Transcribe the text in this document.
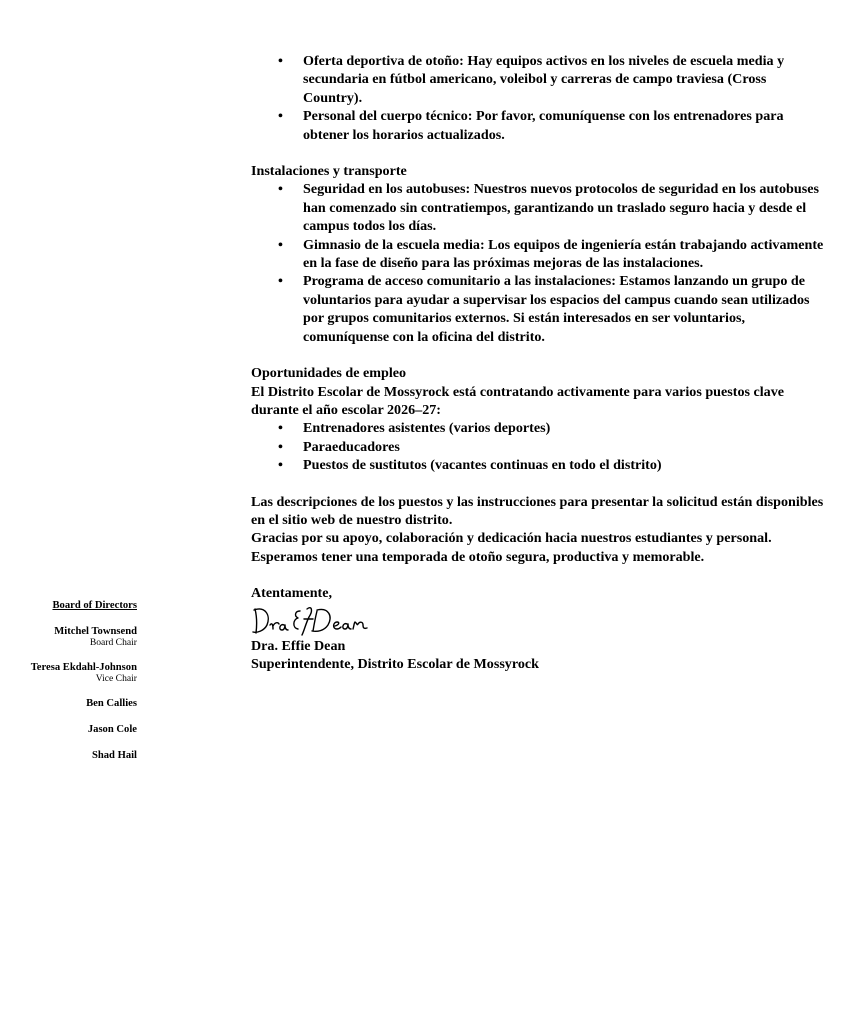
• Oferta deportiva de otoño: Hay equipos activos en los niveles de escuela media y secundaria en fútbol americano, voleibol y carreras de campo traviesa (Cross Country).
• Personal del cuerpo técnico: Por favor, comuníquense con los entrenadores para obtener los horarios actualizados.
Instalaciones y transporte
• Seguridad en los autobuses: Nuestros nuevos protocolos de seguridad en los autobuses han comenzado sin contratiempos, garantizando un traslado seguro hacia y desde el campus todos los días.
• Gimnasio de la escuela media: Los equipos de ingeniería están trabajando activamente en la fase de diseño para las próximas mejoras de las instalaciones.
• Programa de acceso comunitario a las instalaciones: Estamos lanzando un grupo de voluntarios para ayudar a supervisar los espacios del campus cuando sean utilizados por grupos comunitarios externos. Si están interesados en ser voluntarios, comuníquense con la oficina del distrito.
Oportunidades de empleo

El Distrito Escolar de Mossyrock está contratando activamente para varios puestos clave durante el año escolar 2026–27:

• Entrenadores asistentes (varios deportes)
• Paraeducadores
• Puestos de sustitutos (vacantes continuas en todo el distrito)

Las descripciones de los puestos y las instrucciones para presentar la solicitud están disponibles en el sitio web de nuestro distrito.

Gracias por su apoyo, colaboración y dedicación hacia nuestros estudiantes y personal.

Esperamos tener una temporada de otoño segura, productiva y memorable.

Atentamente,

Dra. Effie Dean

Superintendente, Distrito Escolar de Mossyrock

Board of Directors
Mitchel Townsend
Board Chair
Teresa Ekdahl-Johnson
Vice Chair
Ben Callies
Jason Cole
Shad Hail
